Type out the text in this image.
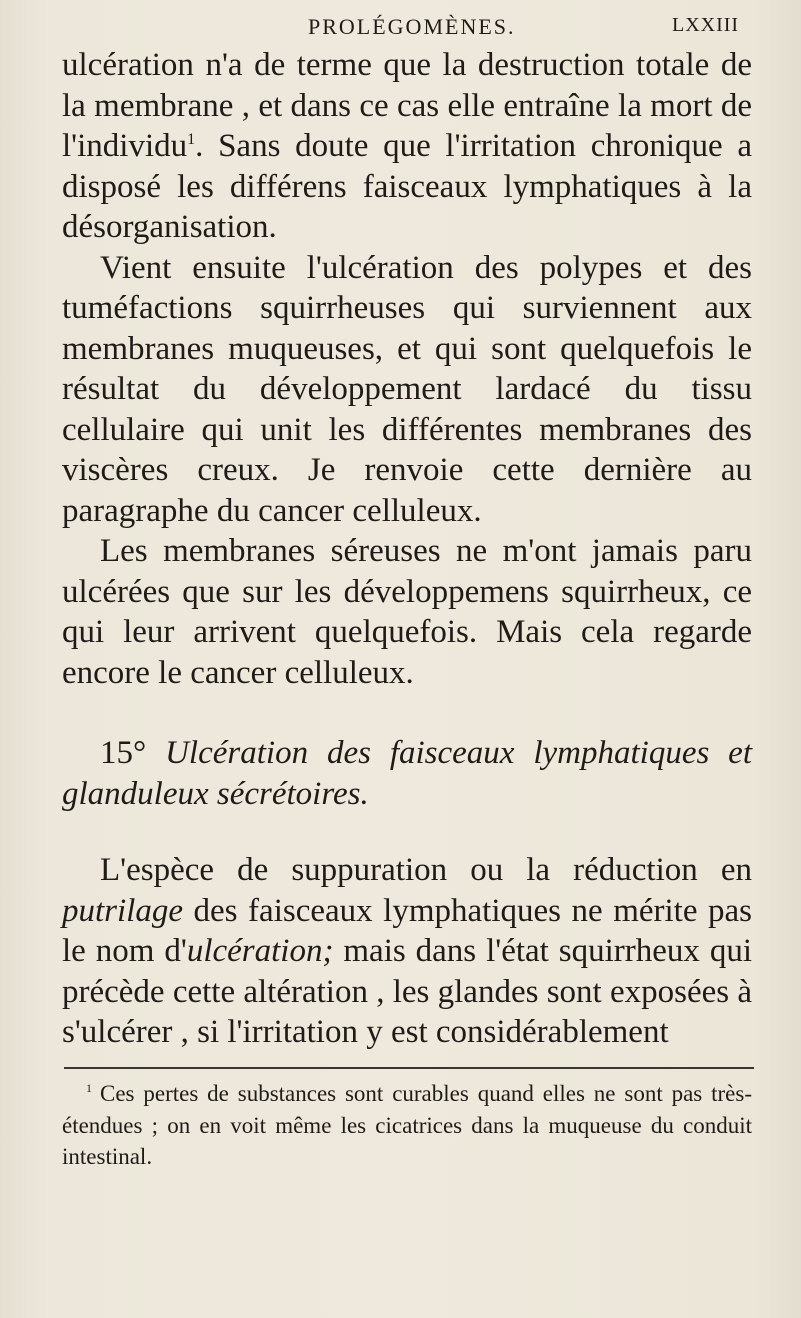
PROLÉGOMÈNES.	LXXIII

ulcération n'a de terme que la destruction totale de la membrane , et dans ce cas elle entraîne la mort de l'individu$^1$. Sans doute que l'irritation chronique a disposé les différens faisceaux lymphatiques à la désorganisation.

Vient ensuite l'ulcération des polypes et des tuméfactions squirrheuses qui surviennent aux membranes muqueuses, et qui sont quelquefois le résultat du développement lardacé du tissu cellulaire qui unit les différentes membranes des viscères creux. Je renvoie cette dernière au paragraphe du cancer celluleux.

Les membranes séreuses ne m'ont jamais paru ulcérées que sur les développemens squirrheux, ce qui leur arrivent quelquefois. Mais cela regarde encore le cancer celluleux.

15° Ulcération des faisceaux lymphatiques et glanduleux sécrétoires.

L'espèce de suppuration ou la réduction en putrilage des faisceaux lymphatiques ne mérite pas le nom d'ulcération; mais dans l'état squirrheux qui précède cette altération , les glandes sont exposées à s'ulcérer , si l'irritation y est considérablement

$^1$ Ces pertes de substances sont curables quand elles ne sont pas très-étendues ; on en voit même les cicatrices dans la muqueuse du conduit intestinal.
